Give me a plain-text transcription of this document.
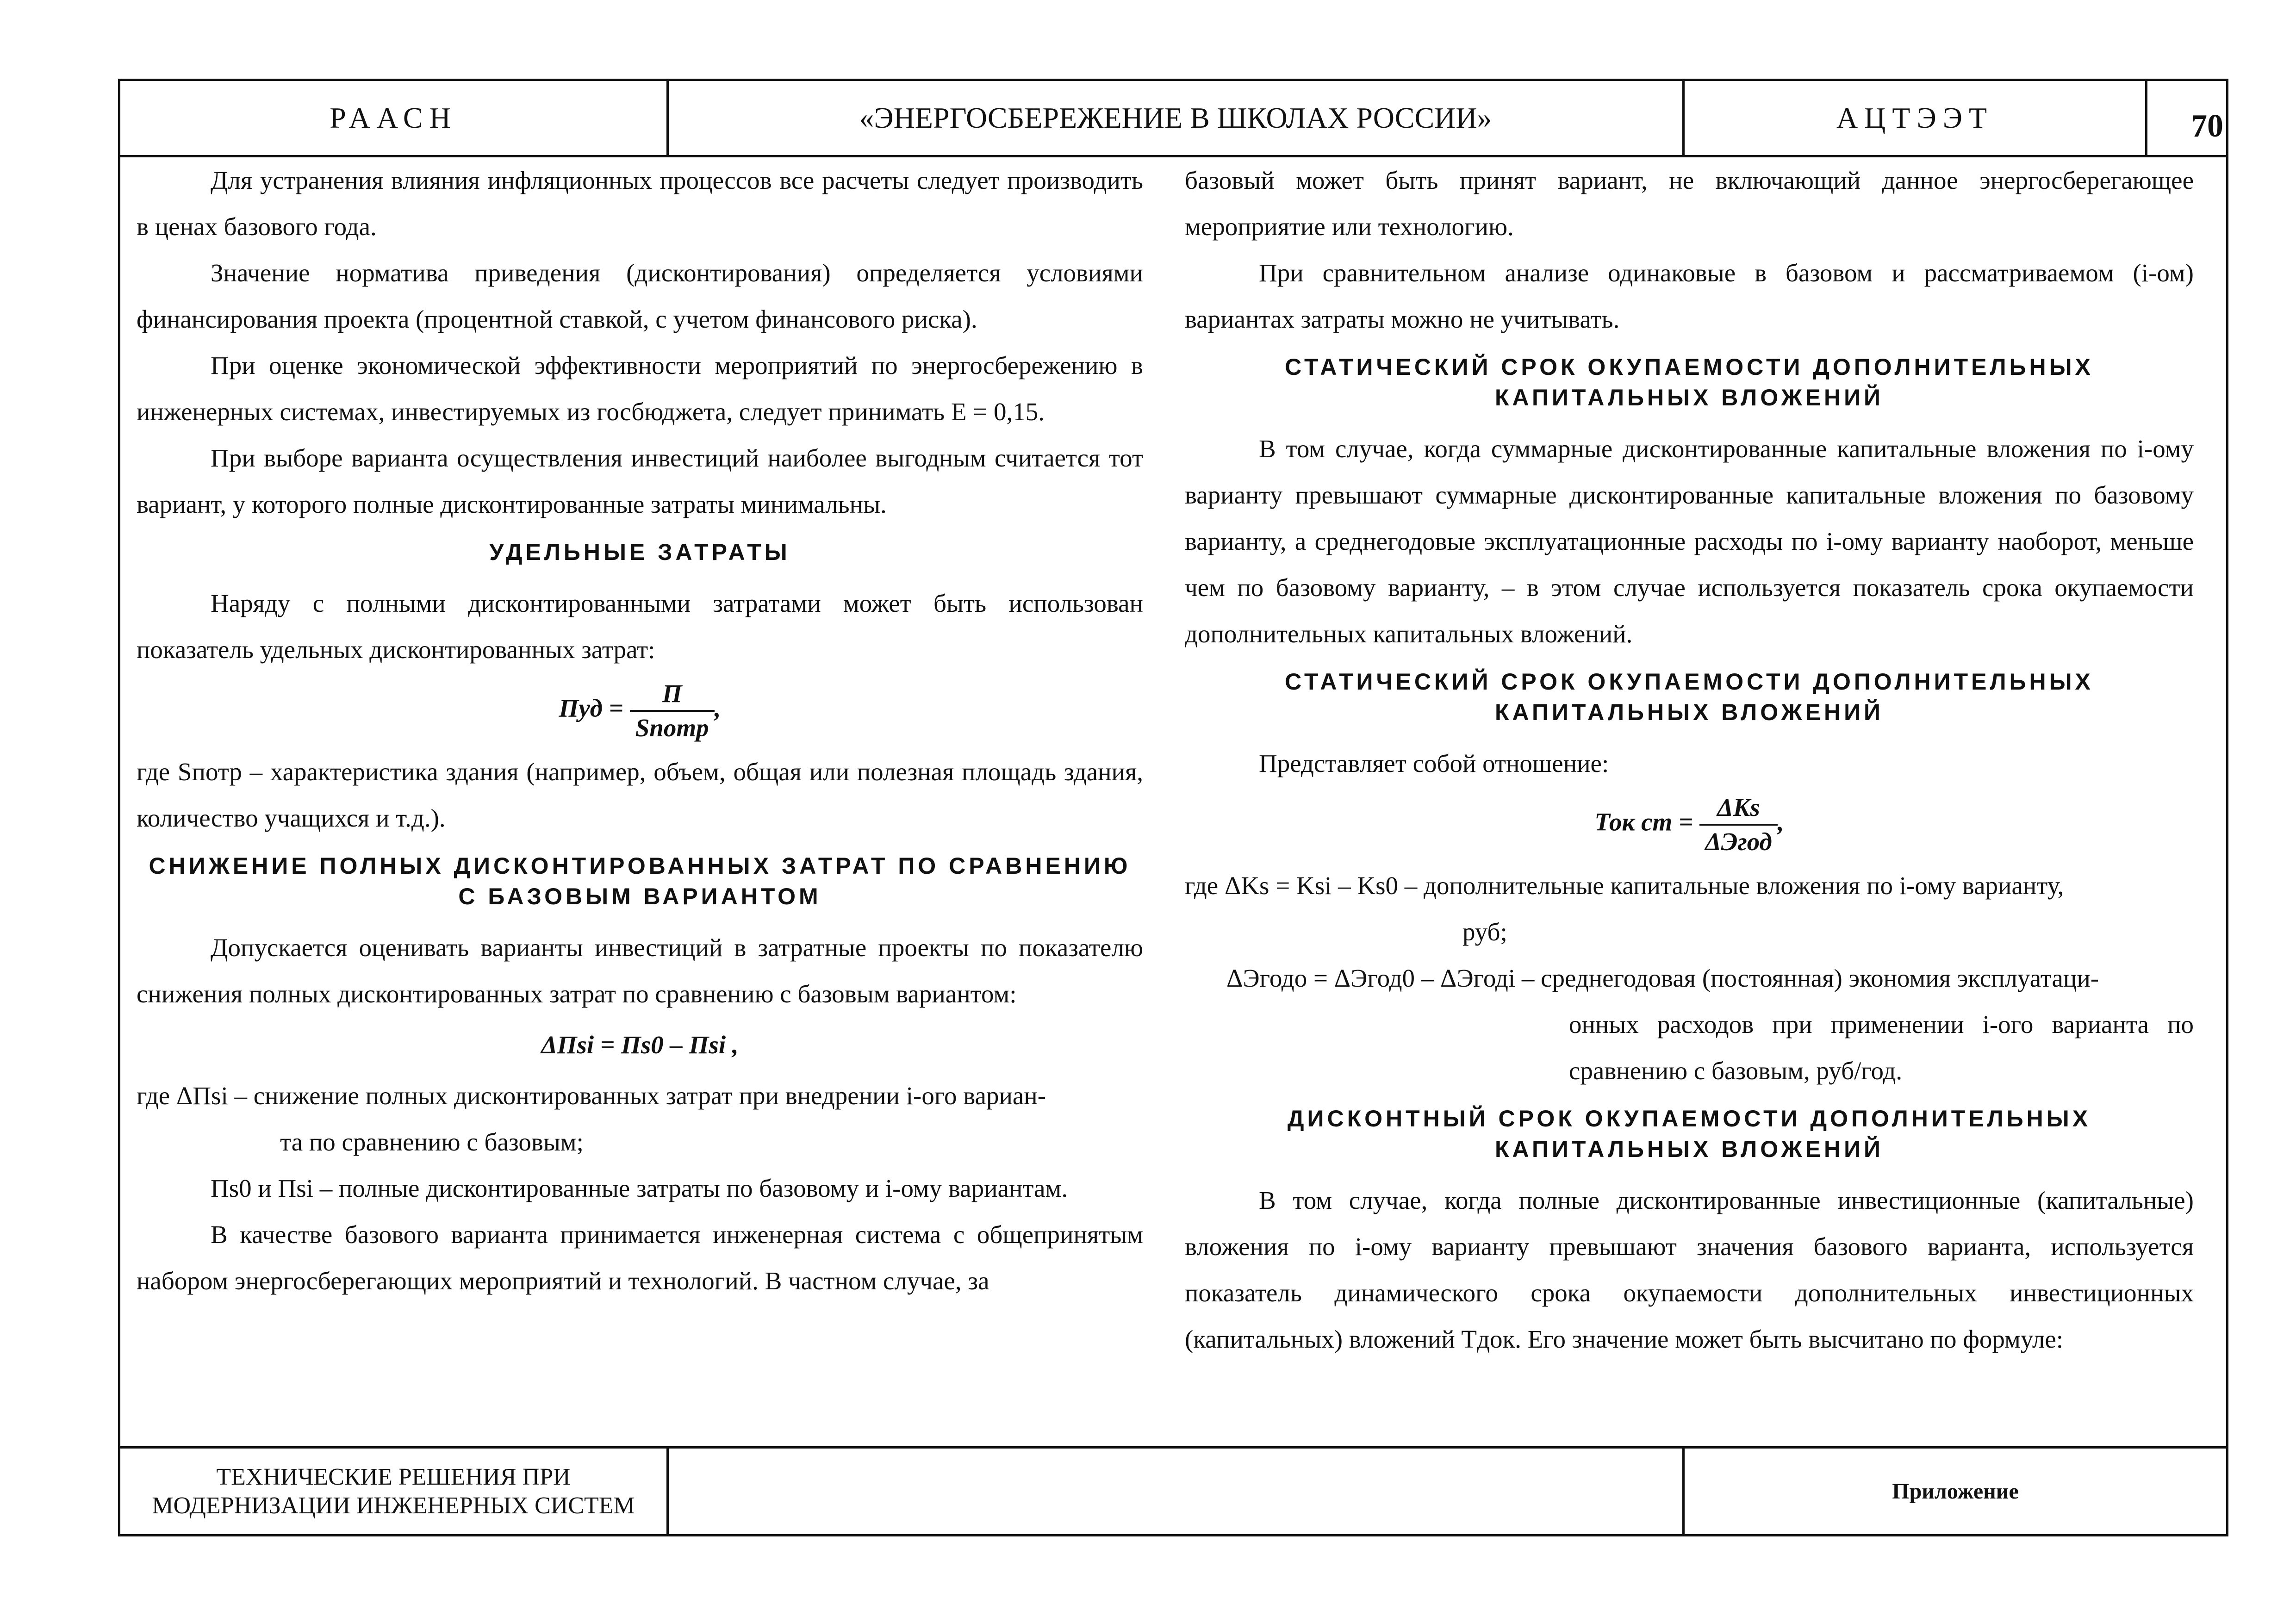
РААСН	«ЭНЕРГОСБЕРЕЖЕНИЕ В ШКОЛАХ РОССИИ»	АЦТЭЭТ	70

Для устранения влияния инфляционных процессов все расчеты следует производить в ценах базового года.

Значение норматива приведения (дисконтирования) определяется условиями финансирования проекта (процентной ставкой, с учетом финансового риска).

При оценке экономической эффективности мероприятий по энергосбережению в инженерных системах, инвестируемых из госбюджета, следует принимать E = 0,15.

При выборе варианта осуществления инвестиций наиболее выгодным считается тот вариант, у которого полные дисконтированные затраты минимальны.

УДЕЛЬНЫЕ ЗАТРАТЫ

Наряду с полными дисконтированными затратами может быть использован показатель удельных дисконтированных затрат:

Пуд = $\frac{П}{\text{Sпотр}}$ ,

где Sпотр – характеристика здания (например, объем, общая или полезная площадь здания, количество учащихся и т.д.).

СНИЖЕНИЕ ПОЛНЫХ ДИСКОНТИРОВАННЫХ ЗАТРАТ ПО СРАВНЕНИЮ С БАЗОВЫМ ВАРИАНТОМ

Допускается оценивать варианты инвестиций в затратные проекты по показателю снижения полных дисконтированных затрат по сравнению с базовым вариантом:

ΔПsi = Пs0 – Пsi ,

где ΔПsi – снижение полных дисконтированных затрат при внедрении i-ого вариан-

та по сравнению с базовым;

Пs0 и Пsi – полные дисконтированные затраты по базовому и i-ому вариантам.

В качестве базового варианта принимается инженерная система с общепринятым набором энергосберегающих мероприятий и технологий. В частном случае, за

базовый может быть принят вариант, не включающий данное энергосберегающее мероприятие или технологию.

При сравнительном анализе одинаковые в базовом и рассматриваемом (i-ом) вариантах затраты можно не учитывать.

СТАТИЧЕСКИЙ СРОК ОКУПАЕМОСТИ ДОПОЛНИТЕЛЬНЫХ КАПИТАЛЬНЫХ ВЛОЖЕНИЙ

В том случае, когда суммарные дисконтированные капитальные вложения по i-ому варианту превышают суммарные дисконтированные капитальные вложения по базовому варианту, а среднегодовые эксплуатационные расходы по i-ому варианту наоборот, меньше чем по базовому варианту, – в этом случае используется показатель срока окупаемости дополнительных капитальных вложений.

СТАТИЧЕСКИЙ СРОК ОКУПАЕМОСТИ ДОПОЛНИТЕЛЬНЫХ КАПИТАЛЬНЫХ ВЛОЖЕНИЙ

Представляет собой отношение:

Ток ст = $\frac{\text{ΔKs}}{\text{ΔЭгод}}$ ,

где ΔKs = Ksi – Ks0 – дополнительные капитальные вложения по i-ому варианту,

руб;

ΔЭгодо = ΔЭгод0 – ΔЭгодi – среднегодовая (постоянная) экономия эксплуатаци-

онных расходов при применении i-ого варианта по сравнению с базовым, руб/год.

ДИСКОНТНЫЙ СРОК ОКУПАЕМОСТИ ДОПОЛНИТЕЛЬНЫХ КАПИТАЛЬНЫХ ВЛОЖЕНИЙ

В том случае, когда полные дисконтированные инвестиционные (капитальные) вложения по i-ому варианту превышают значения базового варианта, используется показатель динамического срока окупаемости дополнительных инвестиционных (капитальных) вложений Тдок. Его значение может быть высчитано по формуле:

ТЕХНИЧЕСКИЕ РЕШЕНИЯ ПРИ
МОДЕРНИЗАЦИИ ИНЖЕНЕРНЫХ СИСТЕМ
Приложение
